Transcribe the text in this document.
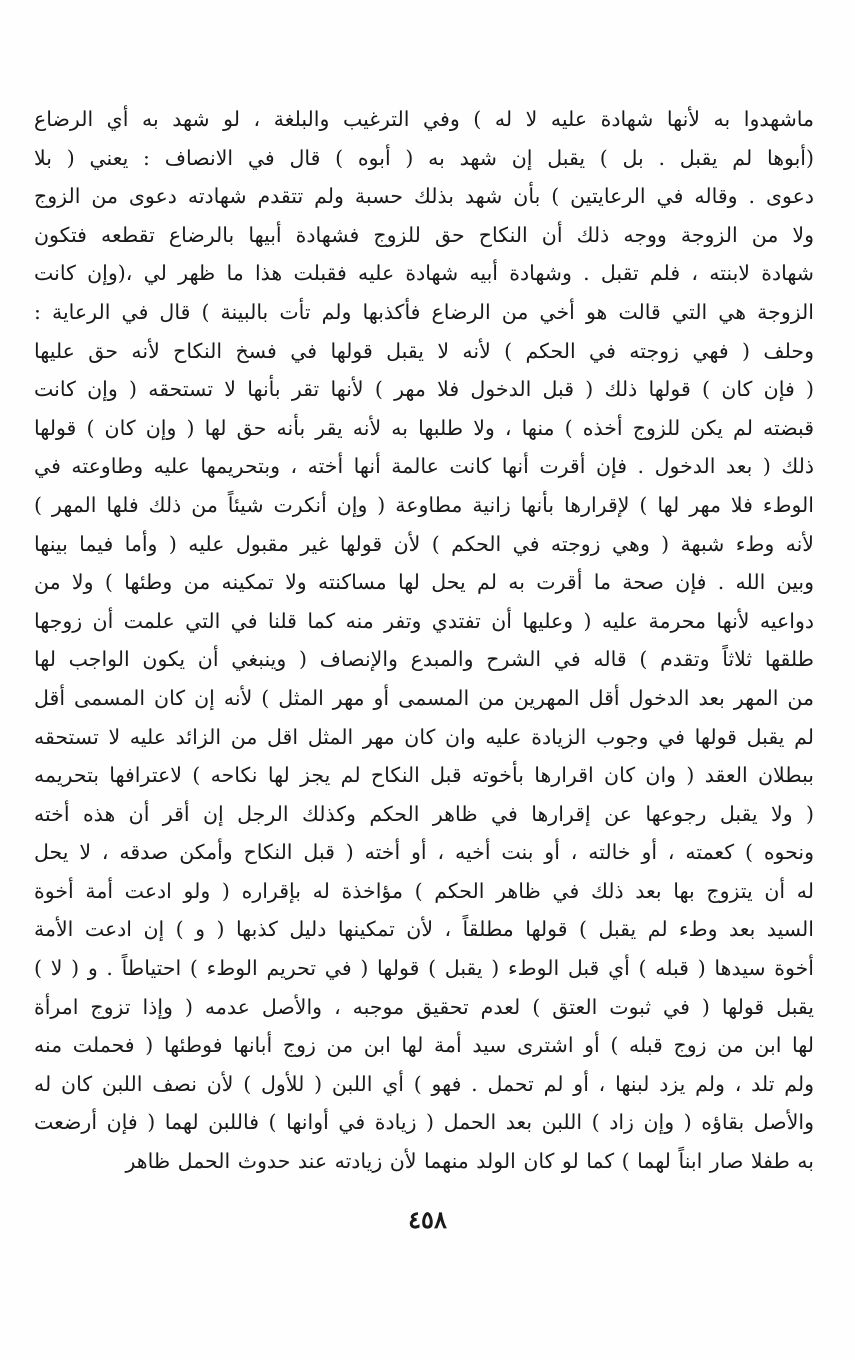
ماشهدوا به لأنها شهادة عليه لا له ) وفي الترغيب والبلغة ، لو شهد به أي الرضاع
(أبوها لم يقبل . بل ) يقبل إن شهد به ( أبوه ) قال في الانصاف : يعني ( بلا
دعوى . وقاله في الرعايتين ) بأن شهد بذلك حسبة ولم تتقدم شهادته دعوى من الزوج
ولا من الزوجة ووجه ذلك أن النكاح حق للزوج فشهادة أبيها بالرضاع تقطعه فتكون
شهادة لابنته ، فلم تقبل . وشهادة أبيه شهادة عليه فقبلت هذا ما ظهر لي ،(وإن كانت
الزوجة هي التي قالت هو أخي من الرضاع فأكذبها ولم تأت بالبينة ) قال في الرعاية :
وحلف ( فهي زوجته في الحكم ) لأنه لا يقبل قولها في فسخ النكاح لأنه حق عليها
( فإن كان ) قولها ذلك ( قبل الدخول فلا مهر ) لأنها تقر بأنها لا تستحقه ( وإن كانت
قبضته لم يكن للزوج أخذه ) منها ، ولا طلبها به لأنه يقر بأنه حق لها ( وإن كان ) قولها
ذلك ( بعد الدخول . فإن أقرت أنها كانت عالمة أنها أخته ، وبتحريمها عليه وطاوعته في
الوطء فلا مهر لها ) لإقرارها بأنها زانية مطاوعة ( وإن أنكرت شيئاً من ذلك فلها المهر )
لأنه وطء شبهة ( وهي زوجته في الحكم ) لأن قولها غير مقبول عليه ( وأما فيما بينها
وبين الله . فإن صحة ما أقرت به لم يحل لها مساكنته ولا تمكينه من وطئها ) ولا من
دواعيه لأنها محرمة عليه ( وعليها أن تفتدي وتفر منه كما قلنا في التي علمت أن زوجها
طلقها ثلاثاً وتقدم ) قاله في الشرح والمبدع والإنصاف ( وينبغي أن يكون الواجب لها
من المهر بعد الدخول أقل المهرين من المسمى أو مهر المثل ) لأنه إن كان المسمى أقل
لم يقبل قولها في وجوب الزيادة عليه وان كان مهر المثل اقل من الزائد عليه لا تستحقه
ببطلان العقد ( وان كان اقرارها بأخوته قبل النكاح لم يجز لها نكاحه ) لاعترافها بتحريمه
( ولا يقبل رجوعها عن إقرارها في ظاهر الحكم وكذلك الرجل إن أقر أن هذه أخته
ونحوه ) كعمته ، أو خالته ، أو بنت أخيه ، أو أخته ( قبل النكاح وأمكن صدقه ، لا يحل
له أن يتزوج بها بعد ذلك في ظاهر الحكم ) مؤاخذة له بإقراره ( ولو ادعت أمة أخوة
السيد بعد وطء لم يقبل ) قولها مطلقاً ، لأن تمكينها دليل كذبها ( و ) إن ادعت الأمة
أخوة سيدها ( قبله ) أي قبل الوطء ( يقبل ) قولها ( في تحريم الوطء ) احتياطاً . و ( لا )
يقبل قولها ( في ثبوت العتق ) لعدم تحقيق موجبه ، والأصل عدمه ( وإذا تزوج امرأة
لها ابن من زوج قبله ) أو اشترى سيد أمة لها ابن من زوج أبانها فوطئها ( فحملت منه
ولم تلد ، ولم يزد لبنها ، أو لم تحمل . فهو ) أي اللبن ( للأول ) لأن نصف اللبن كان له
والأصل بقاؤه ( وإن زاد ) اللبن بعد الحمل ( زيادة في أوانها ) فاللبن لهما ( فإن أرضعت
به طفلا صار ابناً لهما ) كما لو كان الولد منهما لأن زيادته عند حدوث الحمل ظاهر
٤٥٨
